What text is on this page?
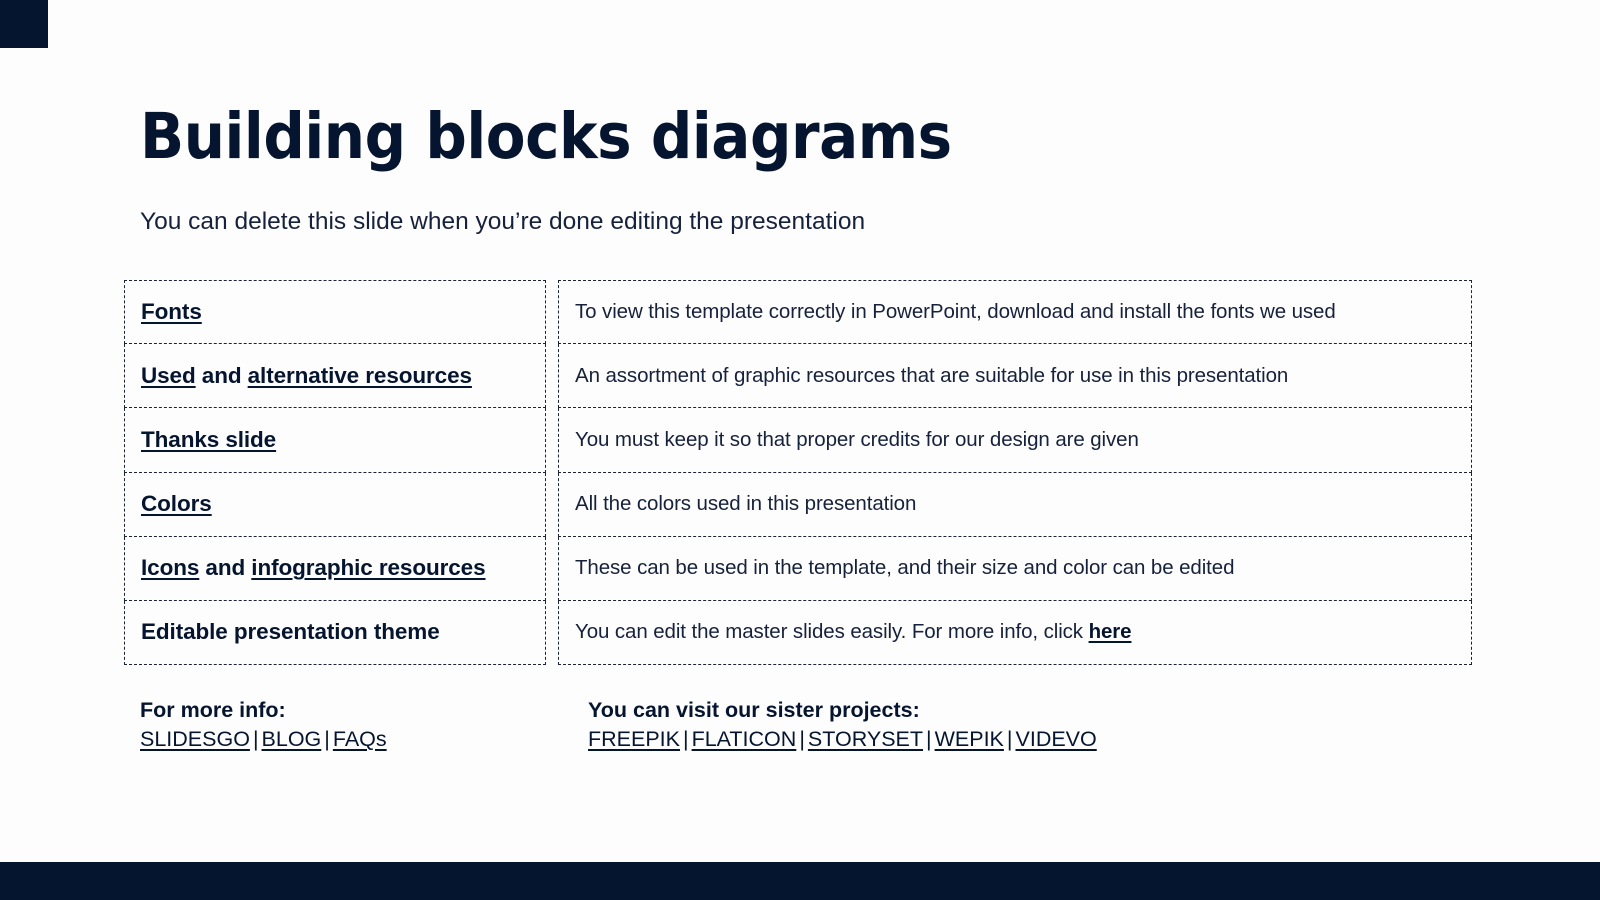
Building blocks diagrams
You can delete this slide when you’re done editing the presentation
Fonts	To view this template correctly in PowerPoint, download and install the fonts we used
Used and alternative resources	An assortment of graphic resources that are suitable for use in this presentation
Thanks slide	You must keep it so that proper credits for our design are given
Colors	All the colors used in this presentation
Icons and infographic resources	These can be used in the template, and their size and color can be edited
Editable presentation theme	You can edit the master slides easily. For more info, click here
For more info:
SLIDESGO | BLOG | FAQs
You can visit our sister projects:
FREEPIK | FLATICON | STORYSET | WEPIK | VIDEVO
